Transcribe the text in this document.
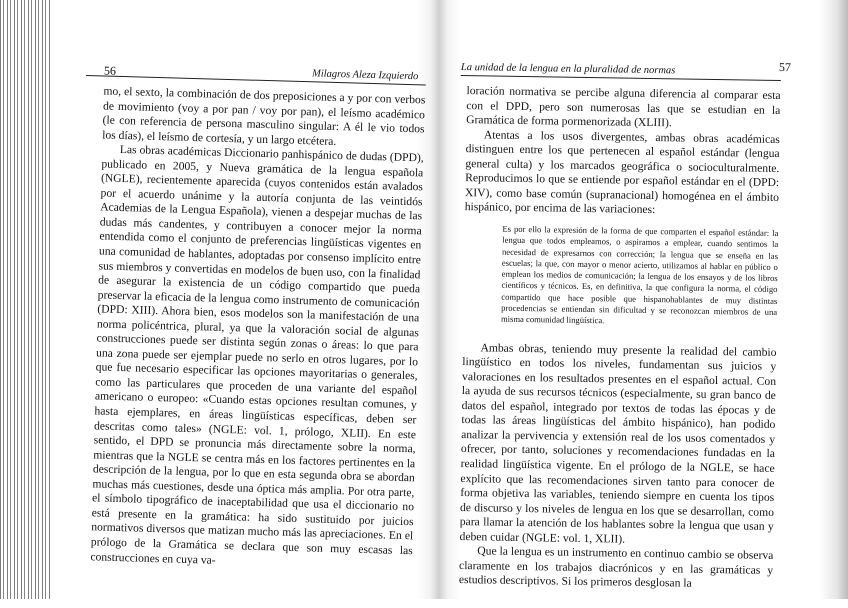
56	Milagros Aleza Izquierdo

mo, el sexto, la combinación de dos preposiciones a y por con verbos de movimiento (voy a por pan / voy por pan), el leísmo académico (le con referencia de persona masculino singular: A él le vio todos los días), el leísmo de cortesía, y un largo etcétera.

Las obras académicas Diccionario panhispánico de dudas (DPD), publicado en 2005, y Nueva gramática de la lengua española (NGLE), recientemente aparecida (cuyos contenidos están avalados por el acuerdo unánime y la autoría conjunta de las veintidós Academias de la Lengua Española), vienen a despejar muchas de las dudas más candentes, y contribuyen a conocer mejor la norma entendida como el conjunto de preferencias lingüísticas vigentes en una comunidad de hablantes, adoptadas por consenso implícito entre sus miembros y convertidas en modelos de buen uso, con la finalidad de asegurar la existencia de un código compartido que pueda preservar la eficacia de la lengua como instrumento de comunicación (DPD: XIII). Ahora bien, esos modelos son la manifestación de una norma policéntrica, plural, ya que la valoración social de algunas construcciones puede ser distinta según zonas o áreas: lo que para una zona puede ser ejemplar puede no serlo en otros lugares, por lo que fue necesario especificar las opciones mayoritarias o generales, como las particulares que proceden de una variante del español americano o europeo: «Cuando estas opciones resultan comunes, y hasta ejemplares, en áreas lingüísticas específicas, deben ser descritas como tales» (NGLE: vol. 1, prólogo, XLII). En este sentido, el DPD se pronuncia más directamente sobre la norma, mientras que la NGLE se centra más en los factores pertinentes en la descripción de la lengua, por lo que en esta segunda obra se abordan muchas más cuestiones, desde una óptica más amplia. Por otra parte, el símbolo tipográfico de inaceptabilidad que usa el diccionario no está presente en la gramática: ha sido sustituido por juicios normativos diversos que matizan mucho más las apreciaciones. En el prólogo de la Gramática se declara que son muy escasas las construcciones en cuya va-

La unidad de la lengua en la pluralidad de normas	57

loración normativa se percibe alguna diferencia al comparar esta con el DPD, pero son numerosas las que se estudian en la Gramática de forma pormenorizada (XLIII).

Atentas a los usos divergentes, ambas obras académicas distinguen entre los que pertenecen al español estándar (lengua general culta) y los marcados geográfica o socioculturalmente. Reproducimos lo que se entiende por español estándar en el (DPD: XIV), como base común (supranacional) homogénea en el ámbito hispánico, por encima de las variaciones:

Es por ello la expresión de la forma de que comparten el español estándar: la lengua que todos empleamos, o aspiramos a emplear, cuando sentimos la necesidad de expresarnos con corrección; la lengua que se enseña en las escuelas; la que, con mayor o menor acierto, utilizamos al hablar en público o emplean los medios de comunicación; la lengua de los ensayos y de los libros científicos y técnicos. Es, en definitiva, la que configura la norma, el código compartido que hace posible que hispanohablantes de muy distintas procedencias se entiendan sin dificultad y se reconozcan miembros de una misma comunidad lingüística.

Ambas obras, teniendo muy presente la realidad del cambio lingüístico en todos los niveles, fundamentan sus juicios y valoraciones en los resultados presentes en el español actual. Con la ayuda de sus recursos técnicos (especialmente, su gran banco de datos del español, integrado por textos de todas las épocas y de todas las áreas lingüísticas del ámbito hispánico), han podido analizar la pervivencia y extensión real de los usos comentados y ofrecer, por tanto, soluciones y recomendaciones fundadas en la realidad lingüística vigente. En el prólogo de la NGLE, se hace explícito que las recomendaciones sirven tanto para conocer de forma objetiva las variables, teniendo siempre en cuenta los tipos de discurso y los niveles de lengua en los que se desarrollan, como para llamar la atención de los hablantes sobre la lengua que usan y deben cuidar (NGLE: vol. 1, XLII).

Que la lengua es un instrumento en continuo cambio se observa claramente en los trabajos diacrónicos y en las gramáticas y estudios descriptivos. Si los primeros desglosan la
